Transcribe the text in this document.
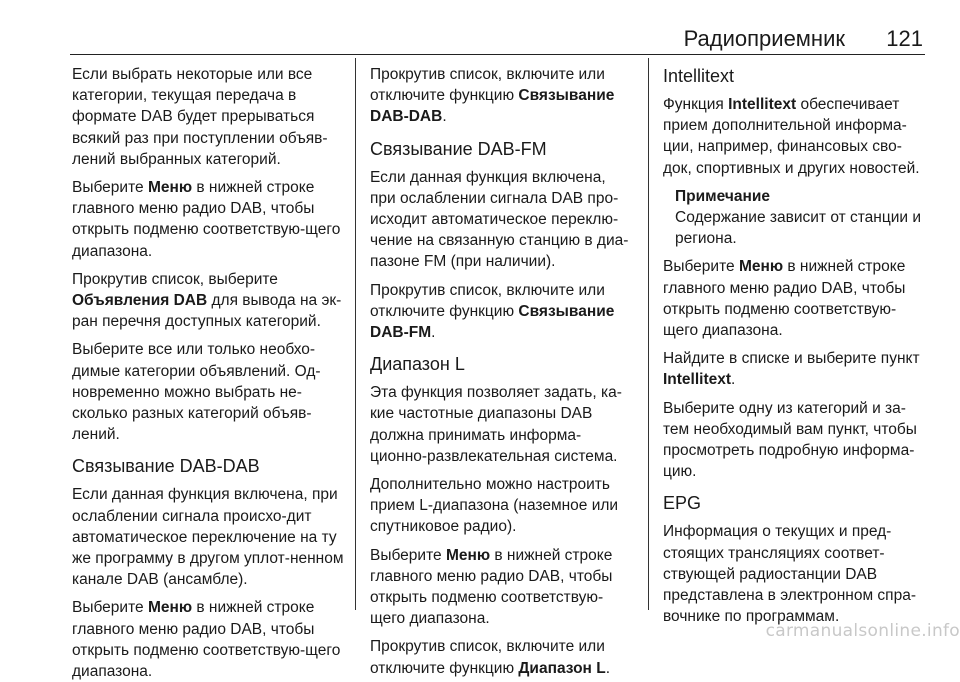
Радиоприемник 121

Если выбрать некоторые или все категории, текущая передача в формате DAB будет прерываться всякий раз при поступлении объяв‐лений выбранных категорий.

Выберите Меню в нижней строке главного меню радио DAB, чтобы открыть подменю соответствую‐щего диапазона.

Прокрутив список, выберите Объявления DAB для вывода на эк‐ран перечня доступных категорий.

Выберите все или только необхо‐димые категории объявлений. Од‐новременно можно выбрать не‐сколько разных категорий объяв‐лений.

Связывание DAB-DAB

Если данная функция включена, при ослаблении сигнала происхо‐дит автоматическое переключение на ту же программу в другом уплот‐ненном канале DAB (ансамбле).

Выберите Меню в нижней строке главного меню радио DAB, чтобы открыть подменю соответствую‐щего диапазона.

Прокрутив список, включите или отключите функцию Связывание DAB-DAB.

Связывание DAB-FM

Если данная функция включена, при ослаблении сигнала DAB про‐исходит автоматическое переклю‐чение на связанную станцию в диа‐пазоне FM (при наличии).

Прокрутив список, включите или отключите функцию Связывание DAB-FM.

Диапазон L

Эта функция позволяет задать, ка‐кие частотные диапазоны DAB должна принимать информа‐ционно-развлекательная система.

Дополнительно можно настроить прием L-диапазона (наземное или спутниковое радио).

Выберите Меню в нижней строке главного меню радио DAB, чтобы открыть подменю соответствую‐щего диапазона.

Прокрутив список, включите или отключите функцию Диапазон L.

Intellitext

Функция Intellitext обеспечивает прием дополнительной информа‐ции, например, финансовых сво‐док, спортивных и других новостей.

Примечание
Содержание зависит от станции и региона.

Выберите Меню в нижней строке главного меню радио DAB, чтобы открыть подменю соответствую‐щего диапазона.

Найдите в списке и выберите пункт Intellitext.

Выберите одну из категорий и за‐тем необходимый вам пункт, чтобы просмотреть подробную информа‐цию.

EPG

Информация о текущих и пред‐стоящих трансляциях соответ‐ствующей радиостанции DAB представлена в электронном спра‐вочнике по программам.

carmanualsonline.info
